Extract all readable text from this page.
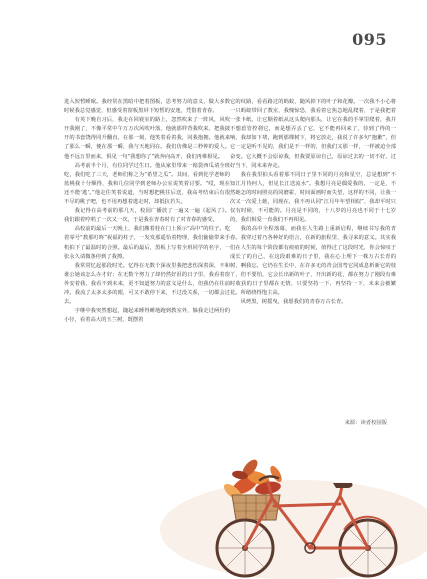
095

进入短暂睡眠。我经常在黑暗中把着图板，思考努力的意义，做大多数时候我总觉感觉，但感受着窗板黑屏下短暂的安逸，凭借着青春。

有英下晚自习后，我走在回寝室的路上，忽然吹来了一阵风，风吹开我刚了，不像平常中午万万次风吹叶落，他就那样背我吹来，把我披开的书套饶得同升翻直，在那一刻，他笑着看着我，同我抱拥。他就来了那么一瞬，便在那一瞬，我与天地同在。我们仿佛是三秒钟的爱人。他不远万里而来，俱见一句“我想你了”就奔向高开，我们再难相见。

高考前半个月，有位同学过生日。他从家里带来一箱袋西瓜请全班吃，我们吃了三天，老师们称之为“希望之瓜”。其间，看到化学老师的蓝桃我十分顺得，我和几位同学到老师办公室说笑着讨要。“哎，现在还不能‘逃’。”他走住笑着说道，当时想把桃往后送，我高考结束后有很不尽的桃子吧，也不用再想着逃走时，却抵抗若失。

我记得在高考前的那几天，校园广播放了一遍又一遍《起风了》。我们跟着哼唱了一次又一次，于是我在青春时有了对青春的感受。

高校前的最后一天晚上，我们搬着桂在门上预示“高中”的柱子。吃着零号“教那叮咚”祝福的柱子，一发发那遥恰着物理，我们偷偷带来手机拍下了最温时的合照。最后的最后，黑板上写着全班同学的名字，一张永久请微条停到了我擦。

我常常忆起那段时光。忆得在无数个深夜里我把悲伤深着深，不和谁公她该怎么办才好；在无数个努力了却仍然好沮的日子里，我看着窗外安着我，我看不到未来，更不知道努力的意义是什么，但我仍在往前冲。我流了太多太多的眼，可又不敢停下来，不过没关系，一切都会过去。

字继中我突然想起，随起来睡得睡地跑到教室外，躲我走过两份的小径，看着高大的玉兰树，既摆着

它的纹路，看看路过的蚂蚁，随风掉下的叶子和花瓣。一次我不小心将一只蚂蚁带回了教室，我愧惊恐，我看着它焦急地乱爬着，于是我把着一张卡纸，让它顺着纸从这头爬向那头，让它在我的手掌里爬着，我并不想惹管控刹它，而是想弄丢了它，它不能再回来了，待到了得的一响，我却如下堵，跑到那棵树下，将它放走，我说了许多句“抱歉”，但它一定是听不见的，我们是不一样的，但我们又那一样，一样被迫全部奋变。它大概不会原谅我，但我要原谅自己，原谅过去的一切不好，过好当下，同未来奔走。

我在我里拍头看着那不同日子里不同的月亮和星空，总是想到“不知江月待何人，但见长江送流水”。我想月亮是偶爱我的，一定是，不然她怎的时间照亮的同磨霍，时间面画时而失望，这样的不同，让我一次又一次爱上她，同现在，我不再认同“江月年年望相似”，我却平时只仅有时候，不可能的。月亮是不同的，十八岁的月亮也不同于十七岁的，我们相爱一直我们不再相见。

我的高中全程落幕，而我在人生路上重新启程，继续书写我的青春。我穿过着乃各种好的语言，在新的旅程里，我寻来的意义。其实我们在人生的每个阶段都有痕痕的时候，值得过了这段时光，你会惊叹于成长了的自己，在这段艰难的日子里，我在心上埋下一株万古长青的树，啊我忘，它仍在生长中，在许多无的青会国弯它同成息析新它的枝丫，但不要怕，它会长出新的叶子，开出新的花，都在努力了刚段有难时收获的日子里都在无情，只要坚持一下，再坚持一下，未来会被繁花。所绪绕得饱主高。

风烤黑，树摇曳，我愿我们的青春万古长青。

来源：读者校园版
